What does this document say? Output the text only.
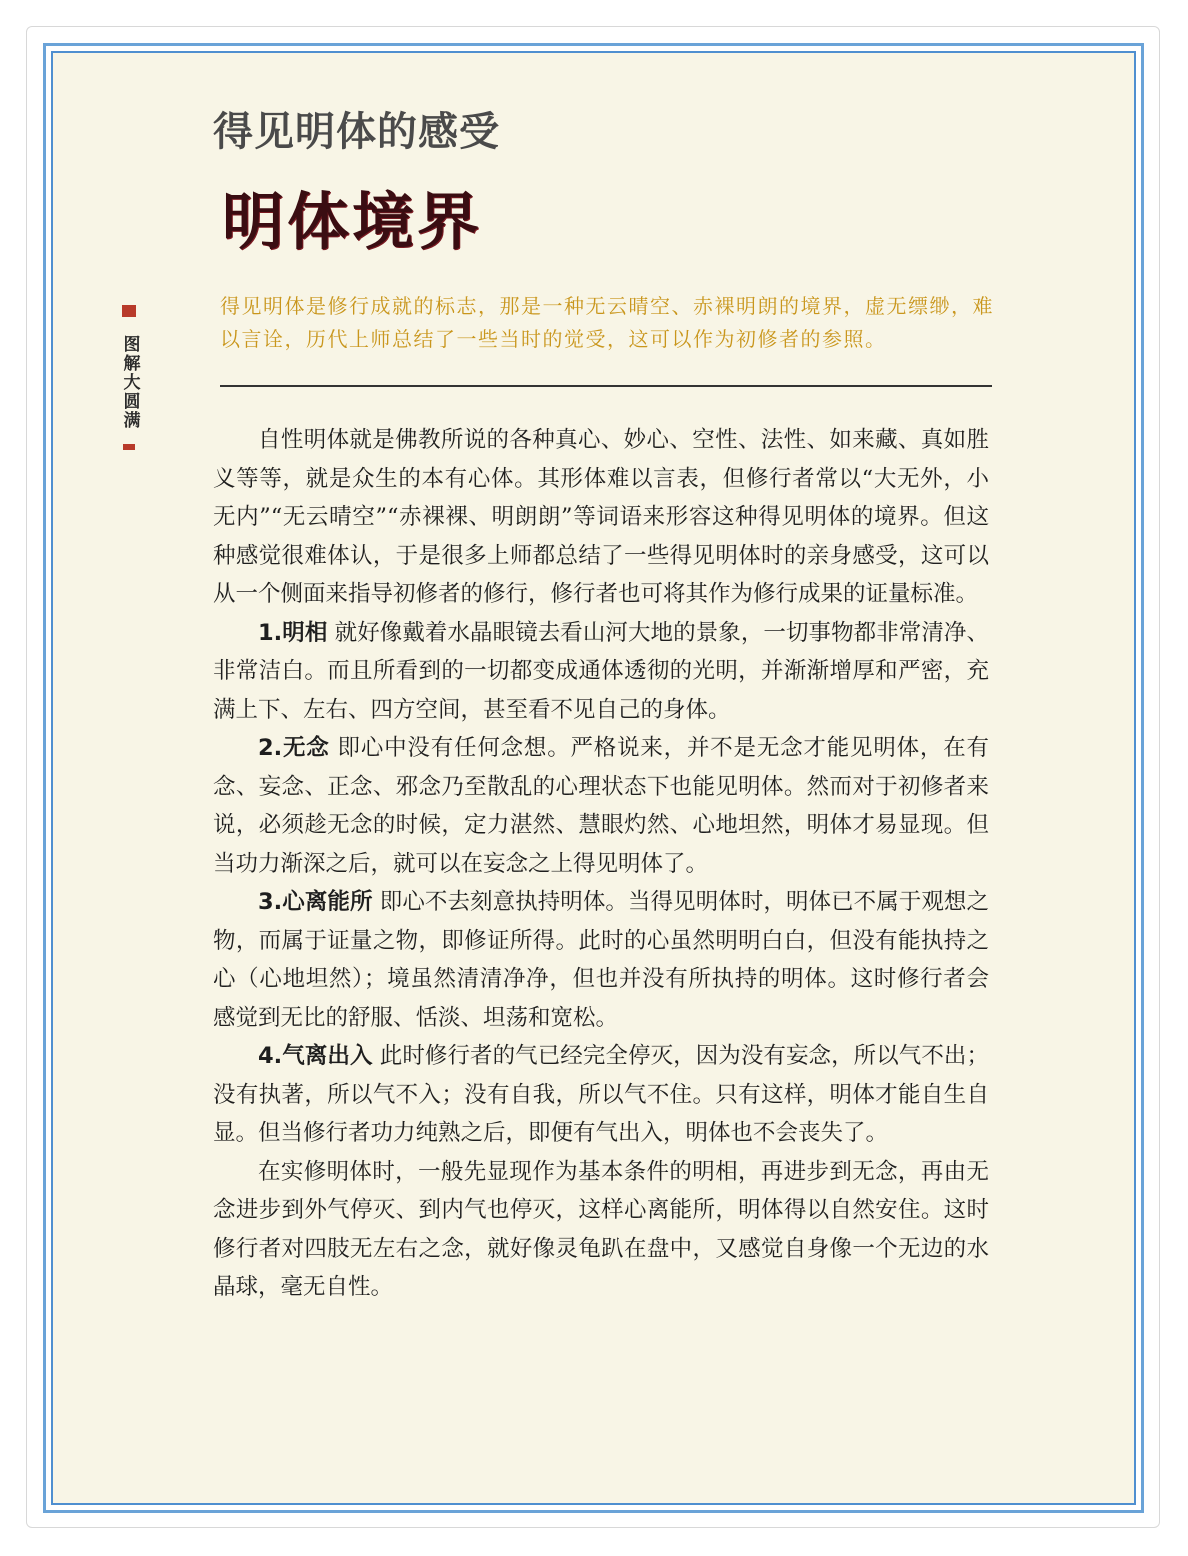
得见明体的感受
明体境界
得见明体是修行成就的标志，那是一种无云晴空、赤裸明朗的境界，虚无缥缈，难以言诠，历代上师总结了一些当时的觉受，这可以作为初修者的参照。
图解大圆满

自性明体就是佛教所说的各种真心、妙心、空性、法性、如来藏、真如胜义等等，就是众生的本有心体。其形体难以言表，但修行者常以“大无外，小无内”“无云晴空”“赤裸裸、明朗朗”等词语来形容这种得见明体的境界。但这种感觉很难体认，于是很多上师都总结了一些得见明体时的亲身感受，这可以从一个侧面来指导初修者的修行，修行者也可将其作为修行成果的证量标准。

1.明相 就好像戴着水晶眼镜去看山河大地的景象，一切事物都非常清净、非常洁白。而且所看到的一切都变成通体透彻的光明，并渐渐增厚和严密，充满上下、左右、四方空间，甚至看不见自己的身体。

2.无念 即心中没有任何念想。严格说来，并不是无念才能见明体，在有念、妄念、正念、邪念乃至散乱的心理状态下也能见明体。然而对于初修者来说，必须趁无念的时候，定力湛然、慧眼灼然、心地坦然，明体才易显现。但当功力渐深之后，就可以在妄念之上得见明体了。

3.心离能所 即心不去刻意执持明体。当得见明体时，明体已不属于观想之物，而属于证量之物，即修证所得。此时的心虽然明明白白，但没有能执持之心（心地坦然）；境虽然清清净净，但也并没有所执持的明体。这时修行者会感觉到无比的舒服、恬淡、坦荡和宽松。

4.气离出入 此时修行者的气已经完全停灭，因为没有妄念，所以气不出；没有执著，所以气不入；没有自我，所以气不住。只有这样，明体才能自生自显。但当修行者功力纯熟之后，即便有气出入，明体也不会丧失了。

在实修明体时，一般先显现作为基本条件的明相，再进步到无念，再由无念进步到外气停灭、到内气也停灭，这样心离能所，明体得以自然安住。这时修行者对四肢无左右之念，就好像灵龟趴在盘中，又感觉自身像一个无边的水晶球，毫无自性。
